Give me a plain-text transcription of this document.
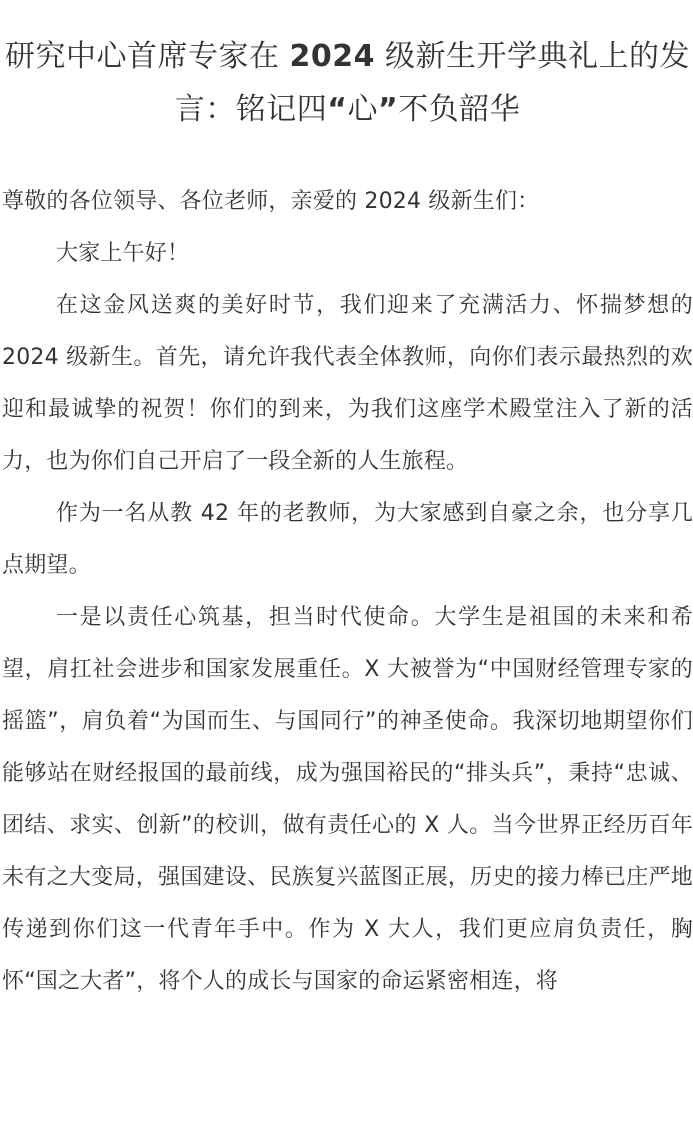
研究中心首席专家在 2024 级新生开学典礼上的发言：铭记四“心”不负韶华

尊敬的各位领导、各位老师，亲爱的 2024 级新生们：

大家上午好！

在这金风送爽的美好时节，我们迎来了充满活力、怀揣梦想的 2024 级新生。首先，请允许我代表全体教师，向你们表示最热烈的欢迎和最诚挚的祝贺！你们的到来，为我们这座学术殿堂注入了新的活力，也为你们自己开启了一段全新的人生旅程。

作为一名从教 42 年的老教师，为大家感到自豪之余，也分享几点期望。

一是以责任心筑基，担当时代使命。大学生是祖国的未来和希望，肩扛社会进步和国家发展重任。X 大被誉为“中国财经管理专家的摇篮”，肩负着“为国而生、与国同行”的神圣使命。我深切地期望你们能够站在财经报国的最前线，成为强国裕民的“排头兵”，秉持“忠诚、团结、求实、创新”的校训，做有责任心的 X 人。当今世界正经历百年未有之大变局，强国建设、民族复兴蓝图正展，历史的接力棒已庄严地传递到你们这一代青年手中。作为 X 大人，我们更应肩负责任，胸怀“国之大者”，将个人的成长与国家的命运紧密相连，将
